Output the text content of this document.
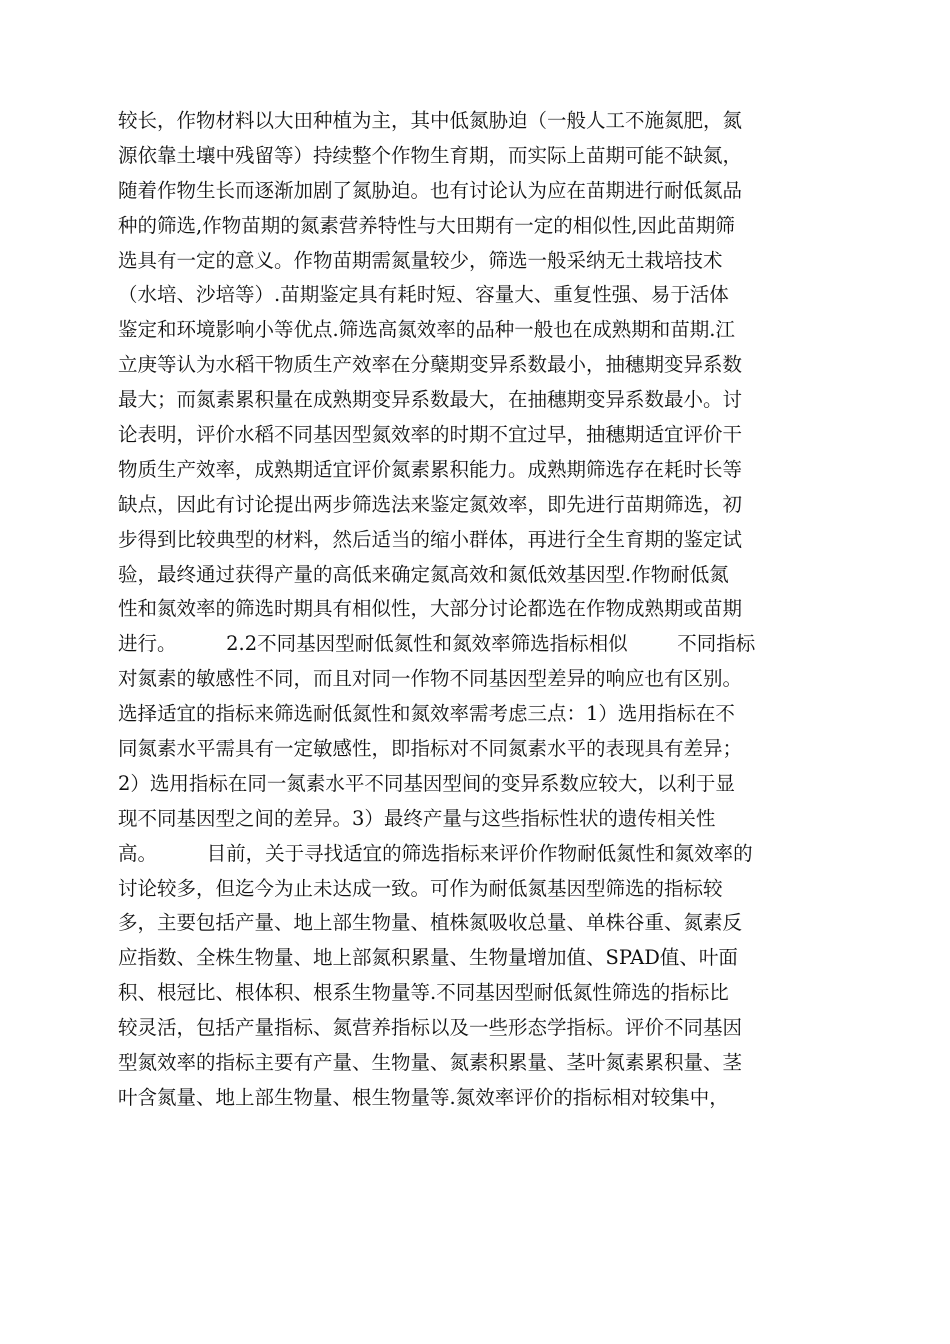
较长，作物材料以大田种植为主，其中低氮胁迫（一般人工不施氮肥，氮
源依靠土壤中残留等）持续整个作物生育期，而实际上苗期可能不缺氮，
随着作物生长而逐渐加剧了氮胁迫。也有讨论认为应在苗期进行耐低氮品
种的筛选,作物苗期的氮素营养特性与大田期有一定的相似性,因此苗期筛
选具有一定的意义。作物苗期需氮量较少，筛选一般采纳无土栽培技术
（水培、沙培等）.苗期鉴定具有耗时短、容量大、重复性强、易于活体
鉴定和环境影响小等优点.筛选高氮效率的品种一般也在成熟期和苗期.江
立庚等认为水稻干物质生产效率在分蘖期变异系数最小，抽穗期变异系数
最大；而氮素累积量在成熟期变异系数最大，在抽穗期变异系数最小。讨
论表明，评价水稻不同基因型氮效率的时期不宜过早，抽穗期适宜评价干
物质生产效率，成熟期适宜评价氮素累积能力。成熟期筛选存在耗时长等
缺点，因此有讨论提出两步筛选法来鉴定氮效率，即先进行苗期筛选，初
步得到比较典型的材料，然后适当的缩小群体，再进行全生育期的鉴定试
验，最终通过获得产量的高低来确定氮高效和氮低效基因型.作物耐低氮
性和氮效率的筛选时期具有相似性，大部分讨论都选在作物成熟期或苗期
进行。        2.2不同基因型耐低氮性和氮效率筛选指标相似        不同指标
对氮素的敏感性不同，而且对同一作物不同基因型差异的响应也有区别。
选择适宜的指标来筛选耐低氮性和氮效率需考虑三点：1）选用指标在不
同氮素水平需具有一定敏感性，即指标对不同氮素水平的表现具有差异；
2）选用指标在同一氮素水平不同基因型间的变异系数应较大，以利于显
现不同基因型之间的差异。3）最终产量与这些指标性状的遗传相关性
高。        目前，关于寻找适宜的筛选指标来评价作物耐低氮性和氮效率的
讨论较多，但迄今为止未达成一致。可作为耐低氮基因型筛选的指标较
多，主要包括产量、地上部生物量、植株氮吸收总量、单株谷重、氮素反
应指数、全株生物量、地上部氮积累量、生物量增加值、SPAD值、叶面
积、根冠比、根体积、根系生物量等.不同基因型耐低氮性筛选的指标比
较灵活，包括产量指标、氮营养指标以及一些形态学指标。评价不同基因
型氮效率的指标主要有产量、生物量、氮素积累量、茎叶氮素累积量、茎
叶含氮量、地上部生物量、根生物量等.氮效率评价的指标相对较集中，
